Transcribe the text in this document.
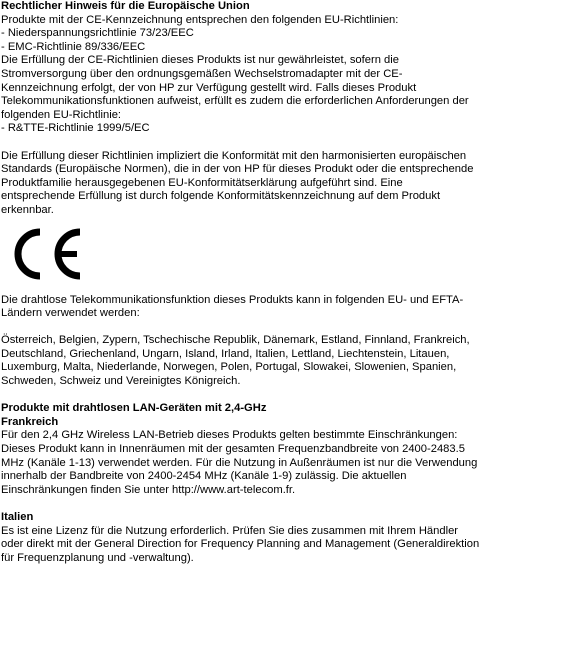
Rechtlicher Hinweis für die Europäische Union
Produkte mit der CE-Kennzeichnung entsprechen den folgenden EU-Richtlinien:
- Niederspannungsrichtlinie 73/23/EEC
- EMC-Richtlinie 89/336/EEC
Die Erfüllung der CE-Richtlinien dieses Produkts ist nur gewährleistet, sofern die
Stromversorgung über den ordnungsgemäßen Wechselstromadapter mit der CE-
Kennzeichnung erfolgt, der von HP zur Verfügung gestellt wird. Falls dieses Produkt
Telekommunikationsfunktionen aufweist, erfüllt es zudem die erforderlichen Anforderungen der
folgenden EU-Richtlinie:
- R&TTE-Richtlinie 1999/5/EC
Die Erfüllung dieser Richtlinien impliziert die Konformität mit den harmonisierten europäischen
Standards (Europäische Normen), die in der von HP für dieses Produkt oder die entsprechende
Produktfamilie herausgegebenen EU-Konformitätserklärung aufgeführt sind. Eine
entsprechende Erfüllung ist durch folgende Konformitätskennzeichnung auf dem Produkt
erkennbar.
Die drahtlose Telekommunikationsfunktion dieses Produkts kann in folgenden EU- und EFTA-
Ländern verwendet werden:
Österreich, Belgien, Zypern, Tschechische Republik, Dänemark, Estland, Finnland, Frankreich,
Deutschland, Griechenland, Ungarn, Island, Irland, Italien, Lettland, Liechtenstein, Litauen,
Luxemburg, Malta, Niederlande, Norwegen, Polen, Portugal, Slowakei, Slowenien, Spanien,
Schweden, Schweiz und Vereinigtes Königreich.
Produkte mit drahtlosen LAN-Geräten mit 2,4-GHz
Frankreich
Für den 2,4 GHz Wireless LAN-Betrieb dieses Produkts gelten bestimmte Einschränkungen:
Dieses Produkt kann in Innenräumen mit der gesamten Frequenzbandbreite von 2400-2483.5
MHz (Kanäle 1-13) verwendet werden. Für die Nutzung in Außenräumen ist nur die Verwendung
innerhalb der Bandbreite von 2400-2454 MHz (Kanäle 1-9) zulässig. Die aktuellen
Einschränkungen finden Sie unter http://www.art-telecom.fr.
Italien
Es ist eine Lizenz für die Nutzung erforderlich. Prüfen Sie dies zusammen mit Ihrem Händler
oder direkt mit der General Direction for Frequency Planning and Management (Generaldirektion
für Frequenzplanung und -verwaltung).
